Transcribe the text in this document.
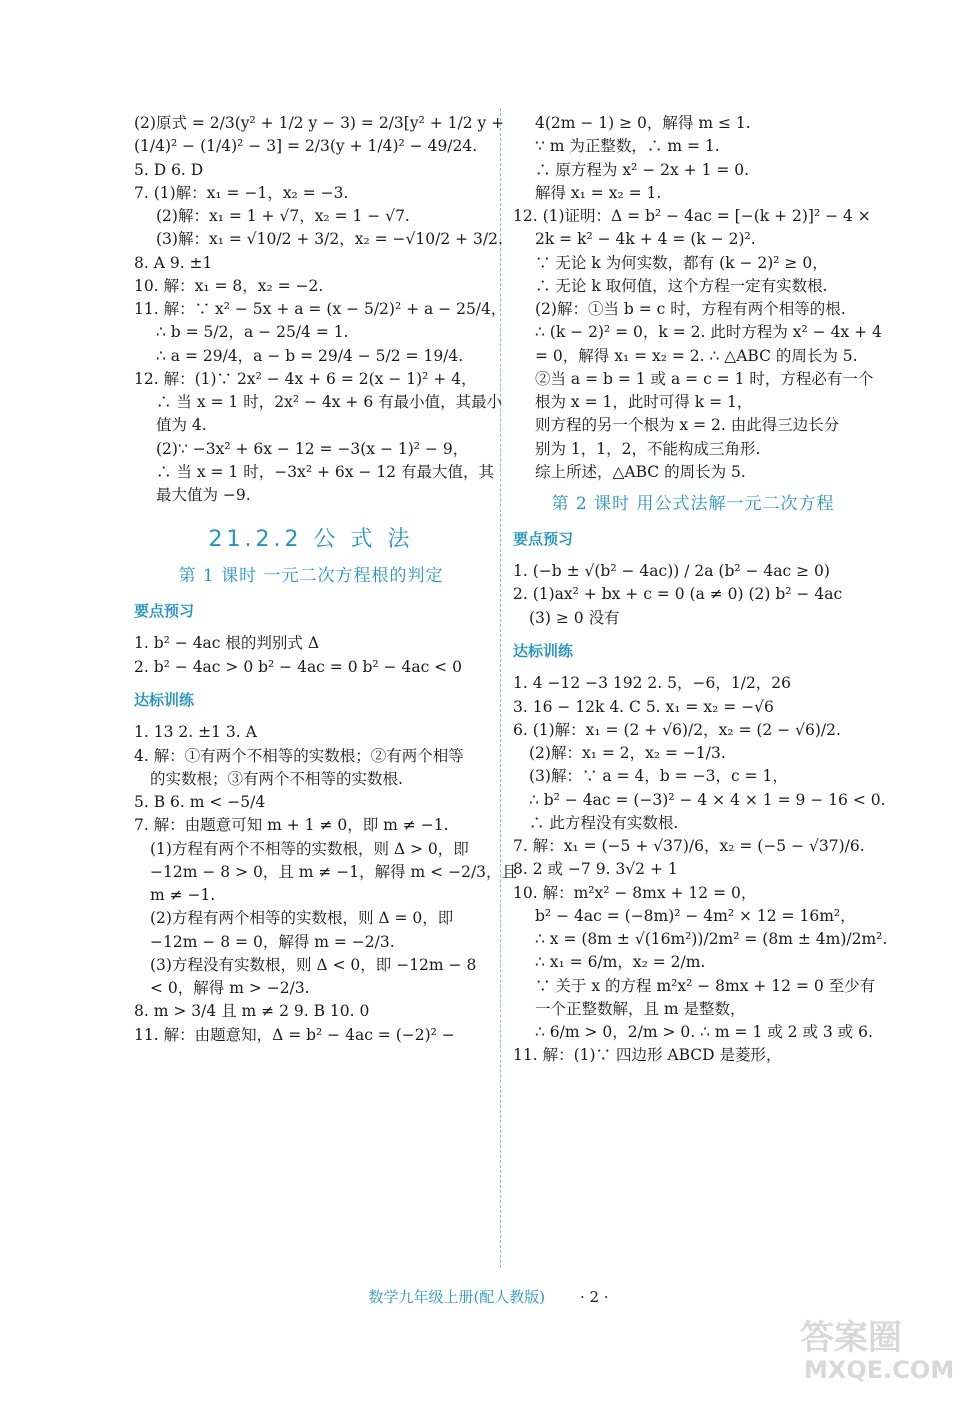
(2)原式 = 2/3(y² + 1/2 y − 3) = 2/3[y² + 1/2 y +
(1/4)² − (1/4)² − 3] = 2/3(y + 1/4)² − 49/24.
5. D 6. D
7. (1)解：x₁ = −1，x₂ = −3.
(2)解：x₁ = 1 + √7，x₂ = 1 − √7.
(3)解：x₁ = √10/2 + 3/2，x₂ = −√10/2 + 3/2.
8. A 9. ±1
10. 解：x₁ = 8，x₂ = −2.
11. 解：∵ x² − 5x + a = (x − 5/2)² + a − 25/4，
∴ b = 5/2，a − 25/4 = 1.
∴ a = 29/4，a − b = 29/4 − 5/2 = 19/4.
12. 解：(1)∵ 2x² − 4x + 6 = 2(x − 1)² + 4，
∴ 当 x = 1 时，2x² − 4x + 6 有最小值，其最小
值为 4.
(2)∵ −3x² + 6x − 12 = −3(x − 1)² − 9，
∴ 当 x = 1 时，−3x² + 6x − 12 有最大值，其
最大值为 −9.
21.2.2 公 式 法
第 1 课时 一元二次方程根的判定
要点预习
1. b² − 4ac 根的判别式 Δ
2. b² − 4ac > 0 b² − 4ac = 0 b² − 4ac < 0
达标训练
1. 13 2. ±1 3. A
4. 解：①有两个不相等的实数根；②有两个相等
的实数根；③有两个不相等的实数根.
5. B 6. m < −5/4
7. 解：由题意可知 m + 1 ≠ 0，即 m ≠ −1.
(1)方程有两个不相等的实数根，则 Δ > 0，即
−12m − 8 > 0，且 m ≠ −1，解得 m < −2/3，且
m ≠ −1.
(2)方程有两个相等的实数根，则 Δ = 0，即
−12m − 8 = 0，解得 m = −2/3.
(3)方程没有实数根，则 Δ < 0，即 −12m − 8
< 0，解得 m > −2/3.
8. m > 3/4 且 m ≠ 2 9. B 10. 0
11. 解：由题意知，Δ = b² − 4ac = (−2)² −
4(2m − 1) ≥ 0，解得 m ≤ 1.
∵ m 为正整数，∴ m = 1.
∴ 原方程为 x² − 2x + 1 = 0.
解得 x₁ = x₂ = 1.
12. (1)证明：Δ = b² − 4ac = [−(k + 2)]² − 4 ×
2k = k² − 4k + 4 = (k − 2)².
∵ 无论 k 为何实数，都有 (k − 2)² ≥ 0，
∴ 无论 k 取何值，这个方程一定有实数根.
(2)解：①当 b = c 时，方程有两个相等的根.
∴ (k − 2)² = 0，k = 2. 此时方程为 x² − 4x + 4
= 0，解得 x₁ = x₂ = 2. ∴ △ABC 的周长为 5.
②当 a = b = 1 或 a = c = 1 时，方程必有一个
根为 x = 1，此时可得 k = 1，
则方程的另一个根为 x = 2. 由此得三边长分
别为 1，1，2，不能构成三角形.
综上所述，△ABC 的周长为 5.
第 2 课时 用公式法解一元二次方程
要点预习
1. (−b ± √(b² − 4ac)) / 2a (b² − 4ac ≥ 0)
2. (1)ax² + bx + c = 0 (a ≠ 0) (2) b² − 4ac
(3) ≥ 0 没有
达标训练
1. 4 −12 −3 192 2. 5，−6，1/2，26
3. 16 − 12k 4. C 5. x₁ = x₂ = −√6
6. (1)解：x₁ = (2 + √6)/2，x₂ = (2 − √6)/2.
(2)解：x₁ = 2，x₂ = −1/3.
(3)解：∵ a = 4，b = −3，c = 1，
∴ b² − 4ac = (−3)² − 4 × 4 × 1 = 9 − 16 < 0.
∴ 此方程没有实数根.
7. 解：x₁ = (−5 + √37)/6，x₂ = (−5 − √37)/6.
8. 2 或 −7 9. 3√2 + 1
10. 解：m²x² − 8mx + 12 = 0，
b² − 4ac = (−8m)² − 4m² × 12 = 16m²，
∴ x = (8m ± √(16m²))/2m² = (8m ± 4m)/2m².
∴ x₁ = 6/m，x₂ = 2/m.
∵ 关于 x 的方程 m²x² − 8mx + 12 = 0 至少有
一个正整数解，且 m 是整数，
∴ 6/m > 0，2/m > 0. ∴ m = 1 或 2 或 3 或 6.
11. 解：(1)∵ 四边形 ABCD 是菱形，
数学九年级上册(配人教版) · 2 ·
答案圈
MXQE.COM
